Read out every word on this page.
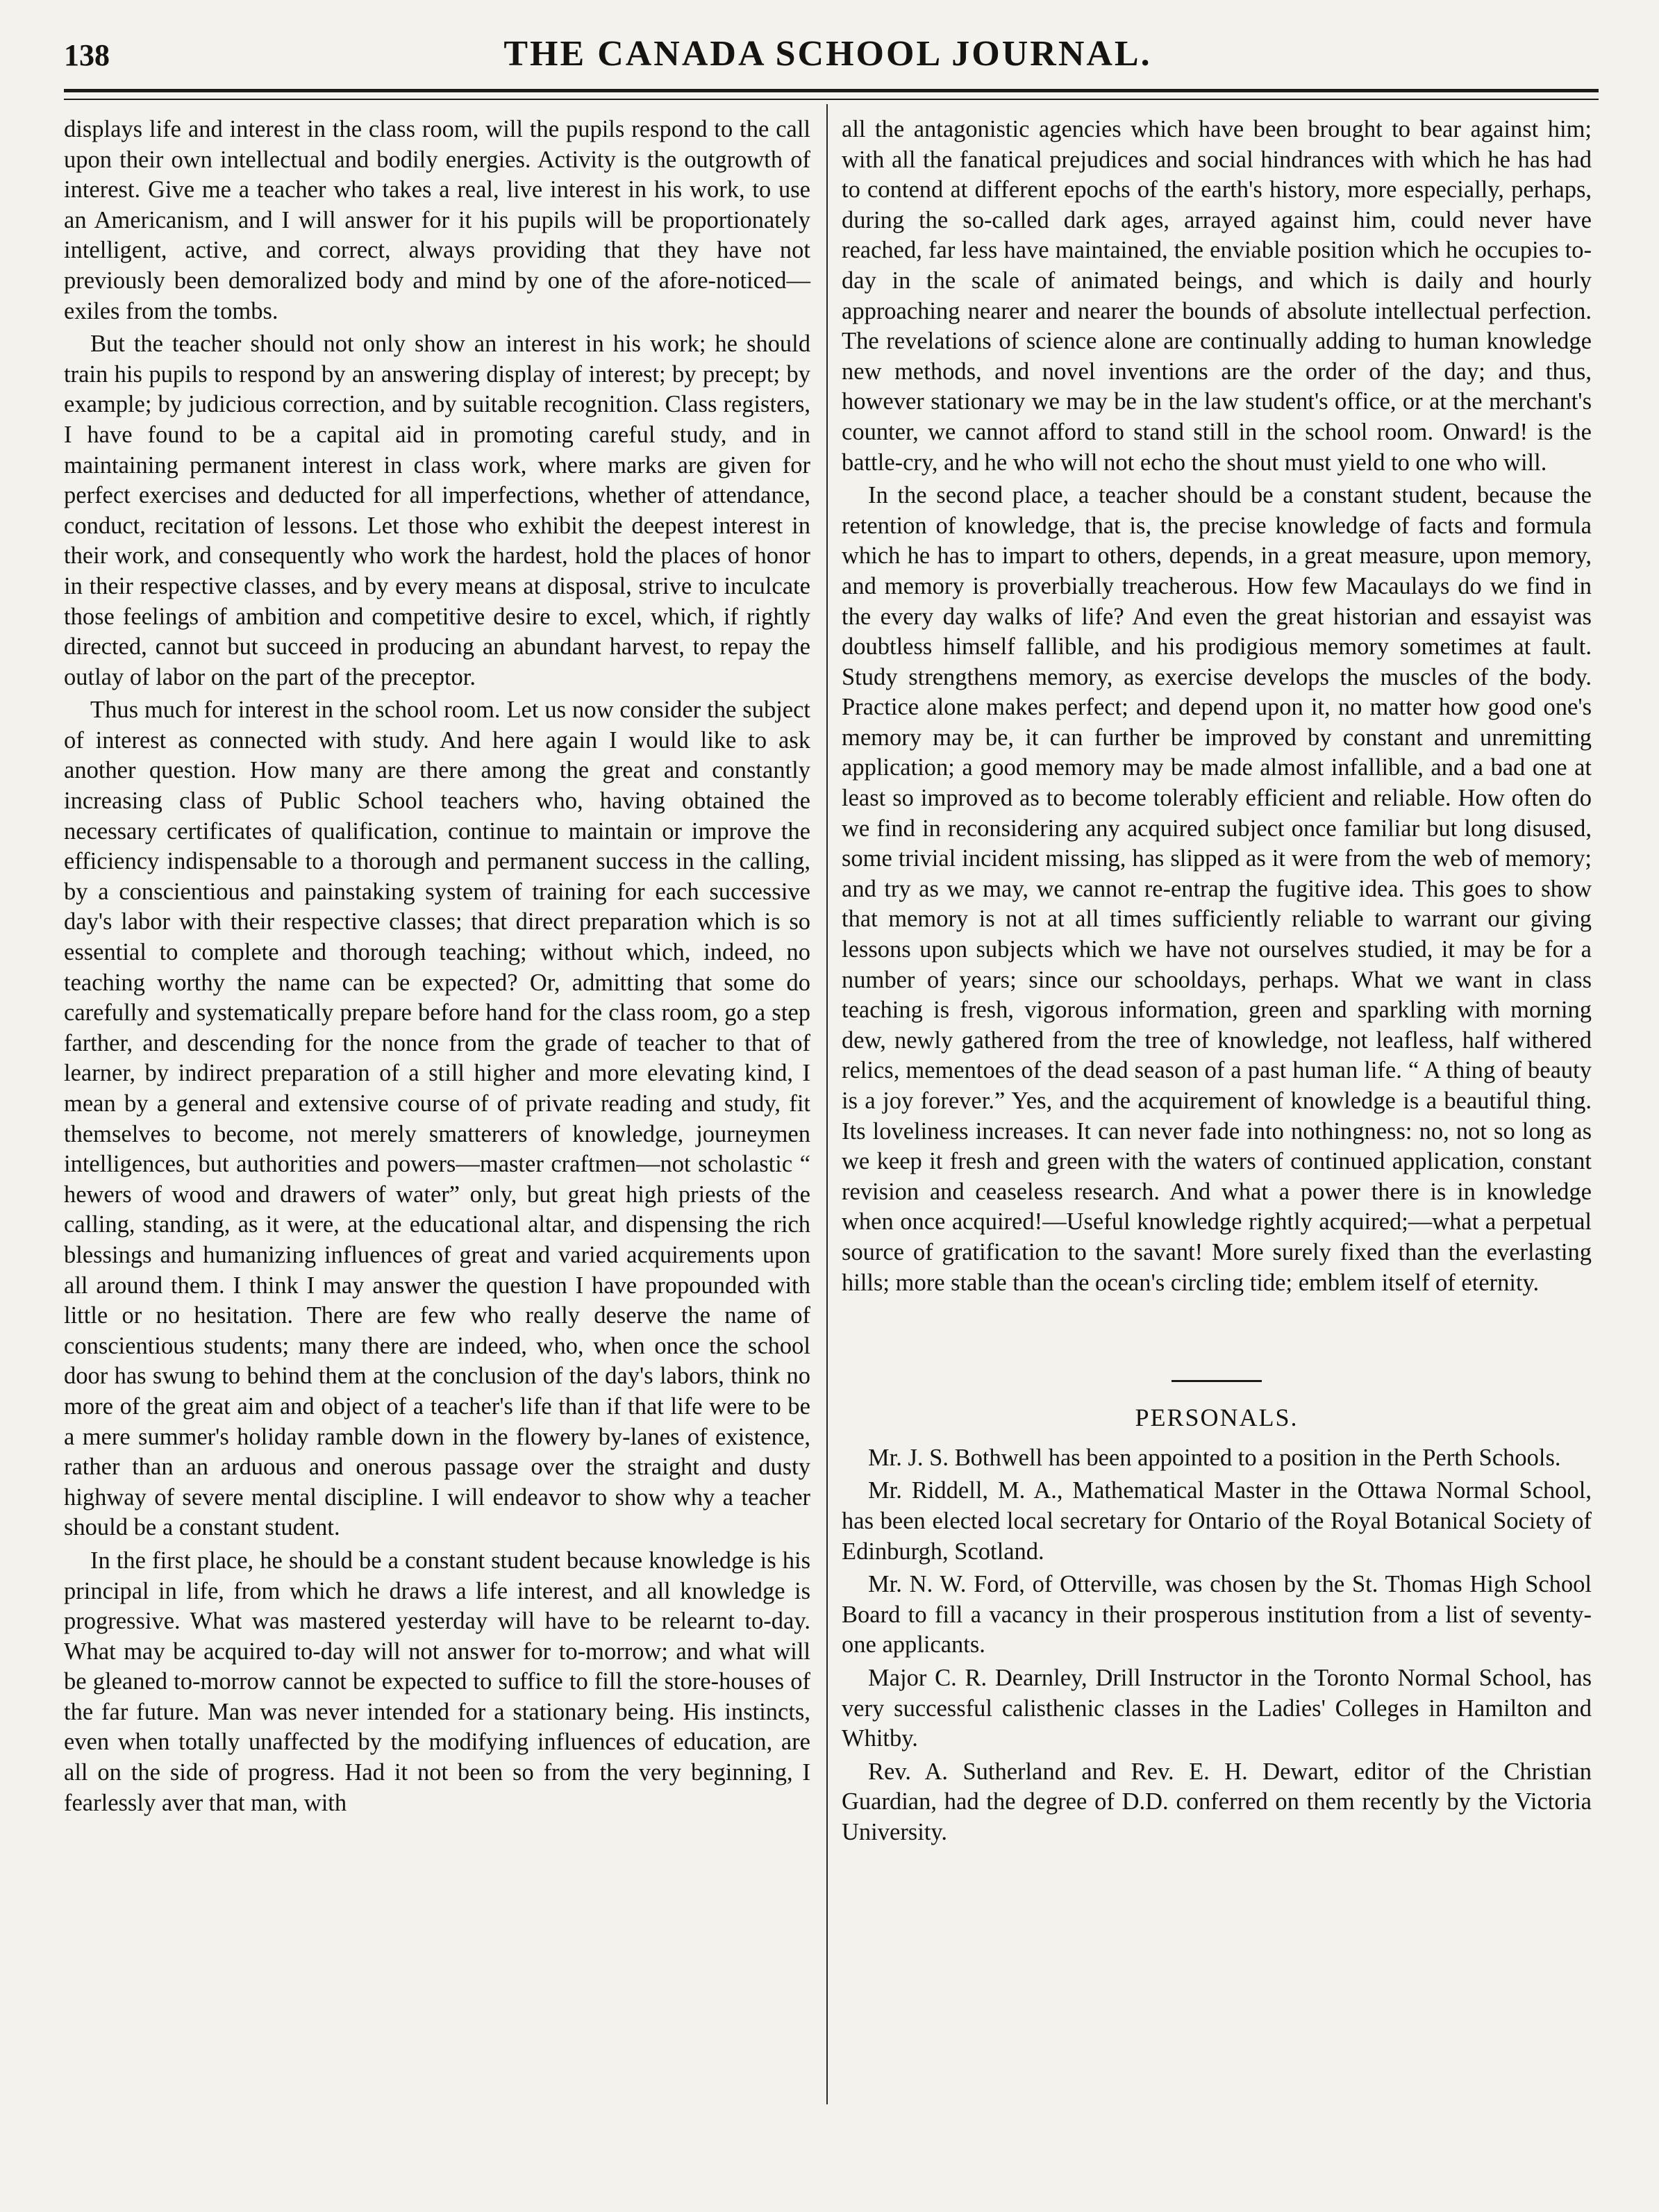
138	THE CANADA SCHOOL JOURNAL.

displays life and interest in the class room, will the pupils respond to the call upon their own intellectual and bodily energies. Activity is the outgrowth of interest. Give me a teacher who takes a real, live interest in his work, to use an Americanism, and I will answer for it his pupils will be proportionately intelligent, active, and correct, always providing that they have not previously been demoralized body and mind by one of the afore-noticed— exiles from the tombs.

But the teacher should not only show an interest in his work; he should train his pupils to respond by an answering display of interest; by precept; by example; by judicious correction, and by suitable recognition. Class registers, I have found to be a capital aid in promoting careful study, and in maintaining permanent interest in class work, where marks are given for perfect exercises and deducted for all imperfections, whether of attendance, conduct, recitation of lessons. Let those who exhibit the deepest interest in their work, and consequently who work the hardest, hold the places of honor in their respective classes, and by every means at disposal, strive to inculcate those feelings of ambition and competitive desire to excel, which, if rightly directed, cannot but succeed in producing an abundant harvest, to repay the outlay of labor on the part of the preceptor.

Thus much for interest in the school room. Let us now consider the subject of interest as connected with study. And here again I would like to ask another question. How many are there among the great and constantly increasing class of Public School teachers who, having obtained the necessary certificates of qualification, continue to maintain or improve the efficiency indispensable to a thorough and permanent success in the calling, by a conscientious and painstaking system of training for each successive day's labor with their respective classes; that direct preparation which is so essential to complete and thorough teaching; without which, indeed, no teaching worthy the name can be expected? Or, admitting that some do carefully and systematically prepare before hand for the class room, go a step farther, and descending for the nonce from the grade of teacher to that of learner, by indirect preparation of a still higher and more elevating kind, I mean by a general and extensive course of of private reading and study, fit themselves to become, not merely smatterers of knowledge, journeymen intelligences, but authorities and powers—master craftmen—not scholastic “ hewers of wood and drawers of water” only, but great high priests of the calling, standing, as it were, at the educational altar, and dispensing the rich blessings and humanizing influences of great and varied acquirements upon all around them. I think I may answer the question I have propounded with little or no hesitation. There are few who really deserve the name of conscientious students; many there are indeed, who, when once the school door has swung to behind them at the conclusion of the day's labors, think no more of the great aim and object of a teacher's life than if that life were to be a mere summer's holiday ramble down in the flowery by-lanes of existence, rather than an arduous and onerous passage over the straight and dusty highway of severe mental discipline. I will endeavor to show why a teacher should be a constant student.

In the first place, he should be a constant student because knowledge is his principal in life, from which he draws a life interest, and all knowledge is progressive. What was mastered yesterday will have to be relearnt to-day. What may be acquired to-day will not answer for to-morrow; and what will be gleaned to-morrow cannot be expected to suffice to fill the store-houses of the far future. Man was never intended for a stationary being. His instincts, even when totally unaffected by the modifying influences of education, are all on the side of progress. Had it not been so from the very beginning, I fearlessly aver that man, with

all the antagonistic agencies which have been brought to bear against him; with all the fanatical prejudices and social hindrances with which he has had to contend at different epochs of the earth's history, more especially, perhaps, during the so-called dark ages, arrayed against him, could never have reached, far less have maintained, the enviable position which he occupies to-day in the scale of animated beings, and which is daily and hourly approaching nearer and nearer the bounds of absolute intellectual perfection. The revelations of science alone are continually adding to human knowledge new methods, and novel inventions are the order of the day; and thus, however stationary we may be in the law student's office, or at the merchant's counter, we cannot afford to stand still in the school room. Onward! is the battle-cry, and he who will not echo the shout must yield to one who will.

In the second place, a teacher should be a constant student, because the retention of knowledge, that is, the precise knowledge of facts and formula which he has to impart to others, depends, in a great measure, upon memory, and memory is proverbially treacherous. How few Macaulays do we find in the every day walks of life? And even the great historian and essayist was doubtless himself fallible, and his prodigious memory sometimes at fault. Study strengthens memory, as exercise develops the muscles of the body. Practice alone makes perfect; and depend upon it, no matter how good one's memory may be, it can further be improved by constant and unremitting application; a good memory may be made almost infallible, and a bad one at least so improved as to become tolerably efficient and reliable. How often do we find in reconsidering any acquired subject once familiar but long disused, some trivial incident missing, has slipped as it were from the web of memory; and try as we may, we cannot re-entrap the fugitive idea. This goes to show that memory is not at all times sufficiently reliable to warrant our giving lessons upon subjects which we have not ourselves studied, it may be for a number of years; since our schooldays, perhaps. What we want in class teaching is fresh, vigorous information, green and sparkling with morning dew, newly gathered from the tree of knowledge, not leafless, half withered relics, mementoes of the dead season of a past human life. “ A thing of beauty is a joy forever.” Yes, and the acquirement of knowledge is a beautiful thing. Its loveliness increases. It can never fade into nothingness: no, not so long as we keep it fresh and green with the waters of continued application, constant revision and ceaseless research. And what a power there is in knowledge when once acquired!—Useful knowledge rightly acquired;—what a perpetual source of gratification to the savant! More surely fixed than the everlasting hills; more stable than the ocean's circling tide; emblem itself of eternity.

PERSONALS.

Mr. J. S. Bothwell has been appointed to a position in the Perth Schools.

Mr. Riddell, M. A., Mathematical Master in the Ottawa Normal School, has been elected local secretary for Ontario of the Royal Botanical Society of Edinburgh, Scotland.

Mr. N. W. Ford, of Otterville, was chosen by the St. Thomas High School Board to fill a vacancy in their prosperous institution from a list of seventy-one applicants.

Major C. R. Dearnley, Drill Instructor in the Toronto Normal School, has very successful calisthenic classes in the Ladies' Colleges in Hamilton and Whitby.

Rev. A. Sutherland and Rev. E. H. Dewart, editor of the Christian Guardian, had the degree of D.D. conferred on them recently by the Victoria University.
